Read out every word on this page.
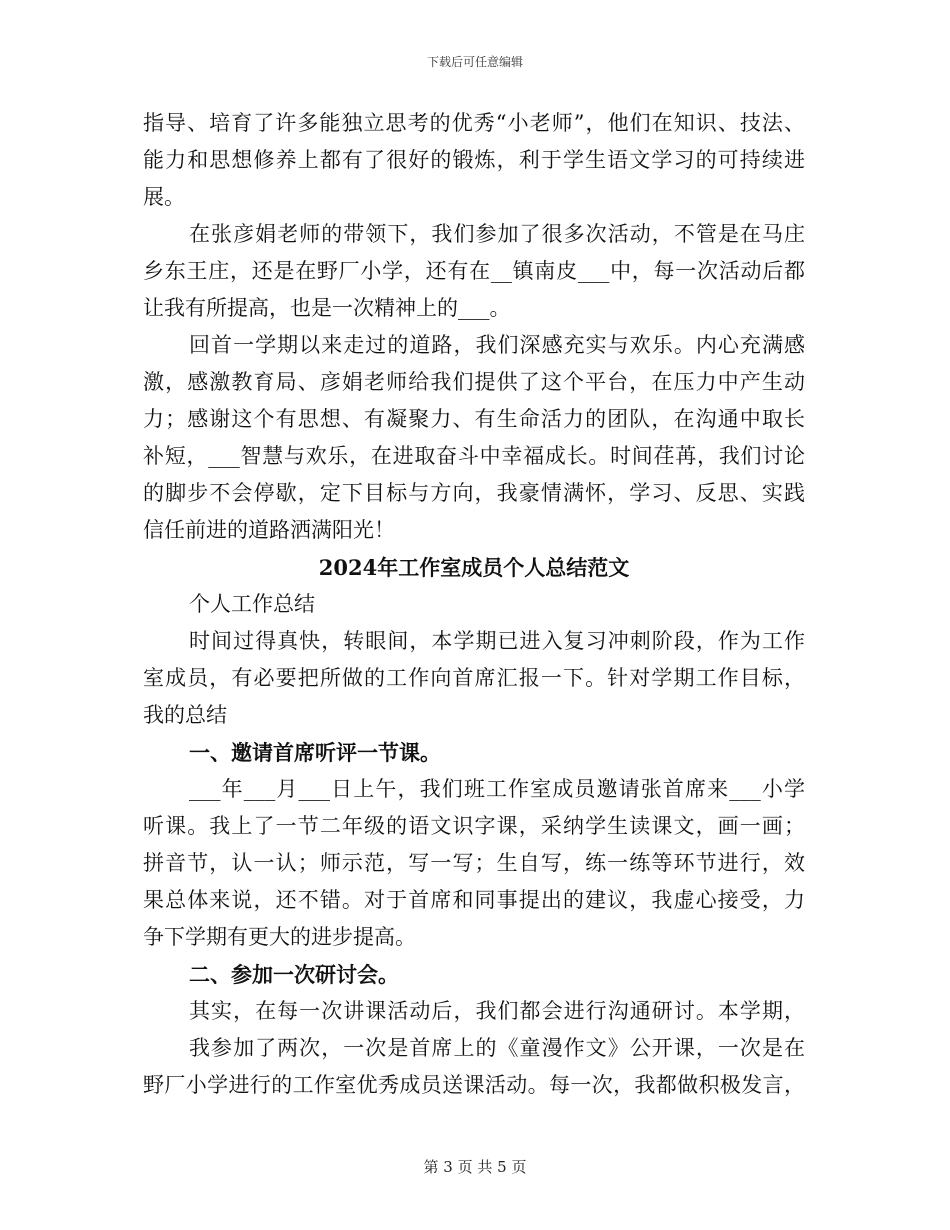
下载后可任意编辑
指导、培育了许多能独立思考的优秀“小老师”，他们在知识、技法、
能力和思想修养上都有了很好的锻炼，利于学生语文学习的可持续进
展。
在张彦娟老师的带领下，我们参加了很多次活动，不管是在马庄
乡东王庄，还是在野厂小学，还有在__镇南皮___中，每一次活动后都
让我有所提高，也是一次精神上的___。
回首一学期以来走过的道路，我们深感充实与欢乐。内心充满感
激，感激教育局、彦娟老师给我们提供了这个平台，在压力中产生动
力；感谢这个有思想、有凝聚力、有生命活力的团队，在沟通中取长
补短，___智慧与欢乐，在进取奋斗中幸福成长。时间荏苒，我们讨论
的脚步不会停歇，定下目标与方向，我豪情满怀，学习、反思、实践
信任前进的道路洒满阳光！
2024年工作室成员个人总结范文
个人工作总结
时间过得真快，转眼间，本学期已进入复习冲刺阶段，作为工作
室成员，有必要把所做的工作向首席汇报一下。针对学期工作目标，
我的总结
一、邀请首席听评一节课。
___年___月___日上午，我们班工作室成员邀请张首席来___小学
听课。我上了一节二年级的语文识字课，采纳学生读课文，画一画；
拼音节，认一认；师示范，写一写；生自写，练一练等环节进行，效
果总体来说，还不错。对于首席和同事提出的建议，我虚心接受，力
争下学期有更大的进步提高。
二、参加一次研讨会。
其实，在每一次讲课活动后，我们都会进行沟通研讨。本学期，
我参加了两次，一次是首席上的《童漫作文》公开课，一次是在
野厂小学进行的工作室优秀成员送课活动。每一次，我都做积极发言，
第 3 页 共 5 页
